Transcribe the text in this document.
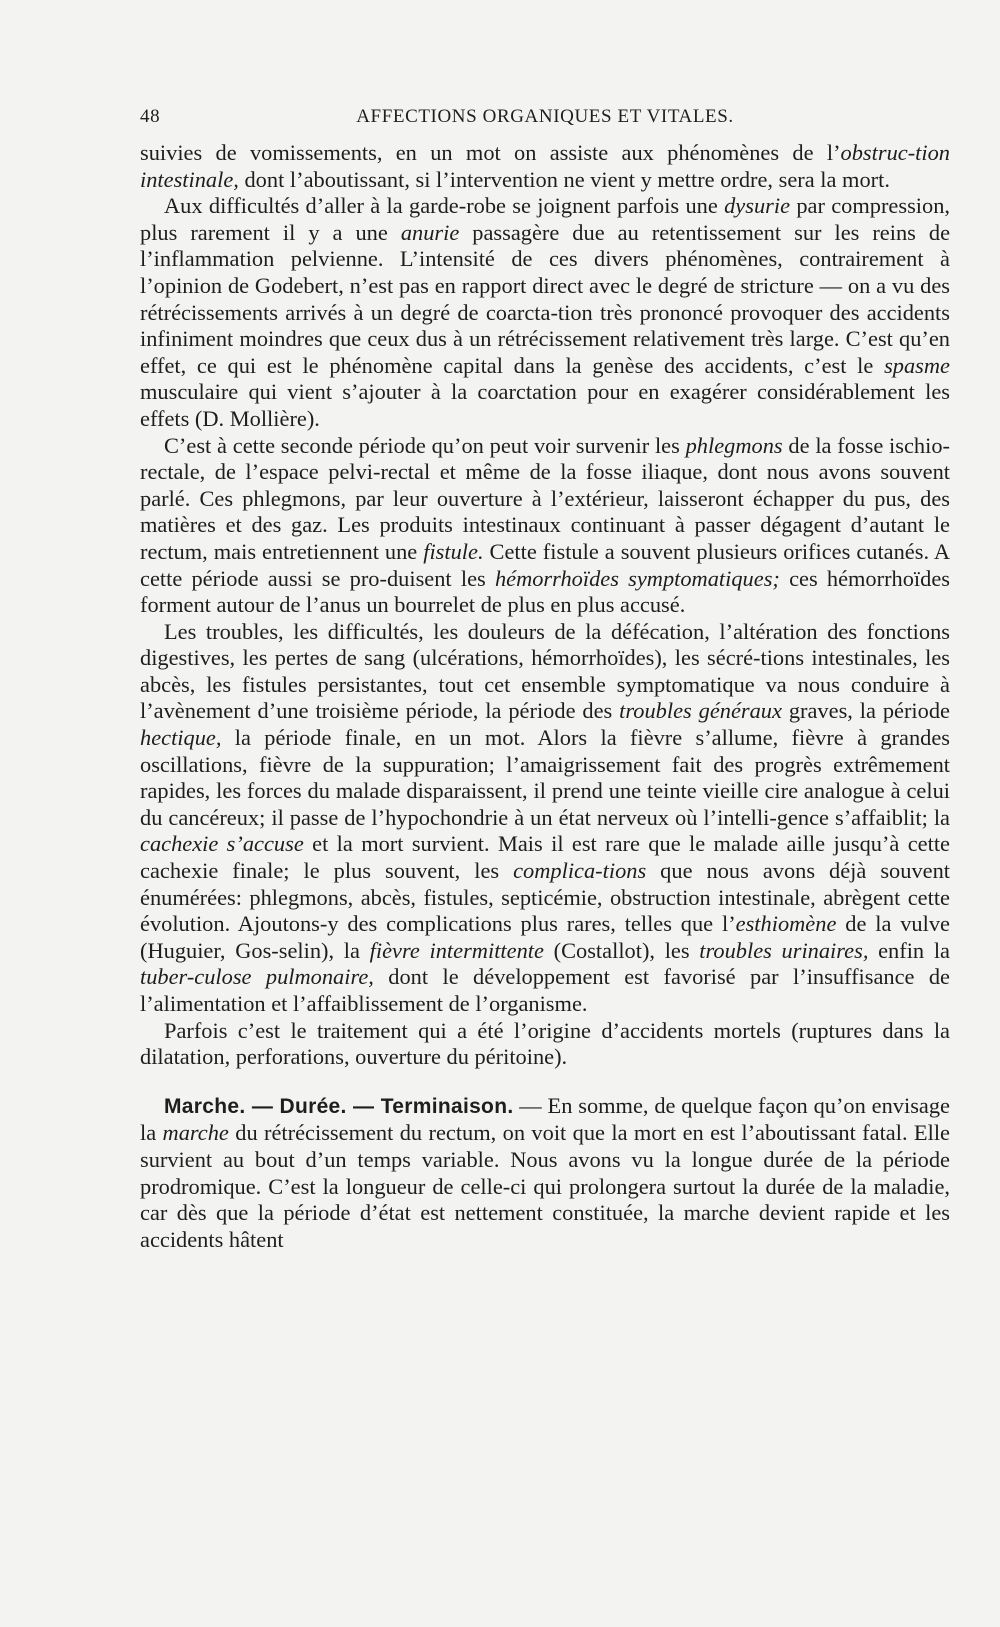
48	AFFECTIONS ORGANIQUES ET VITALES.

suivies de vomissements, en un mot on assiste aux phénomènes de l’obstruc-tion intestinale, dont l’aboutissant, si l’intervention ne vient y mettre ordre, sera la mort.

Aux difficultés d’aller à la garde-robe se joignent parfois une dysurie par compression, plus rarement il y a une anurie passagère due au retentissement sur les reins de l’inflammation pelvienne. L’intensité de ces divers phénomènes, contrairement à l’opinion de Godebert, n’est pas en rapport direct avec le degré de stricture — on a vu des rétrécissements arrivés à un degré de coarcta-tion très prononcé provoquer des accidents infiniment moindres que ceux dus à un rétrécissement relativement très large. C’est qu’en effet, ce qui est le phénomène capital dans la genèse des accidents, c’est le spasme musculaire qui vient s’ajouter à la coarctation pour en exagérer considérablement les effets (D. Mollière).

C’est à cette seconde période qu’on peut voir survenir les phlegmons de la fosse ischio-rectale, de l’espace pelvi-rectal et même de la fosse iliaque, dont nous avons souvent parlé. Ces phlegmons, par leur ouverture à l’extérieur, laisseront échapper du pus, des matières et des gaz. Les produits intestinaux continuant à passer dégagent d’autant le rectum, mais entretiennent une fistule. Cette fistule a souvent plusieurs orifices cutanés. A cette période aussi se pro-duisent les hémorrhoïdes symptomatiques; ces hémorrhoïdes forment autour de l’anus un bourrelet de plus en plus accusé.

Les troubles, les difficultés, les douleurs de la défécation, l’altération des fonctions digestives, les pertes de sang (ulcérations, hémorrhoïdes), les sécré-tions intestinales, les abcès, les fistules persistantes, tout cet ensemble symptomatique va nous conduire à l’avènement d’une troisième période, la période des troubles généraux graves, la période hectique, la période finale, en un mot. Alors la fièvre s’allume, fièvre à grandes oscillations, fièvre de la suppuration; l’amaigrissement fait des progrès extrêmement rapides, les forces du malade disparaissent, il prend une teinte vieille cire analogue à celui du cancéreux; il passe de l’hypochondrie à un état nerveux où l’intelli-gence s’affaiblit; la cachexie s’accuse et la mort survient. Mais il est rare que le malade aille jusqu’à cette cachexie finale; le plus souvent, les complica-tions que nous avons déjà souvent énumérées: phlegmons, abcès, fistules, septicémie, obstruction intestinale, abrègent cette évolution. Ajoutons-y des complications plus rares, telles que l’esthiomène de la vulve (Huguier, Gos-selin), la fièvre intermittente (Costallot), les troubles urinaires, enfin la tuber-culose pulmonaire, dont le développement est favorisé par l’insuffisance de l’alimentation et l’affaiblissement de l’organisme.

Parfois c’est le traitement qui a été l’origine d’accidents mortels (ruptures dans la dilatation, perforations, ouverture du péritoine).

Marche. — Durée. — Terminaison. — En somme, de quelque façon qu’on envisage la marche du rétrécissement du rectum, on voit que la mort en est l’aboutissant fatal. Elle survient au bout d’un temps variable. Nous avons vu la longue durée de la période prodromique. C’est la longueur de celle-ci qui prolongera surtout la durée de la maladie, car dès que la période d’état est nettement constituée, la marche devient rapide et les accidents hâtent
